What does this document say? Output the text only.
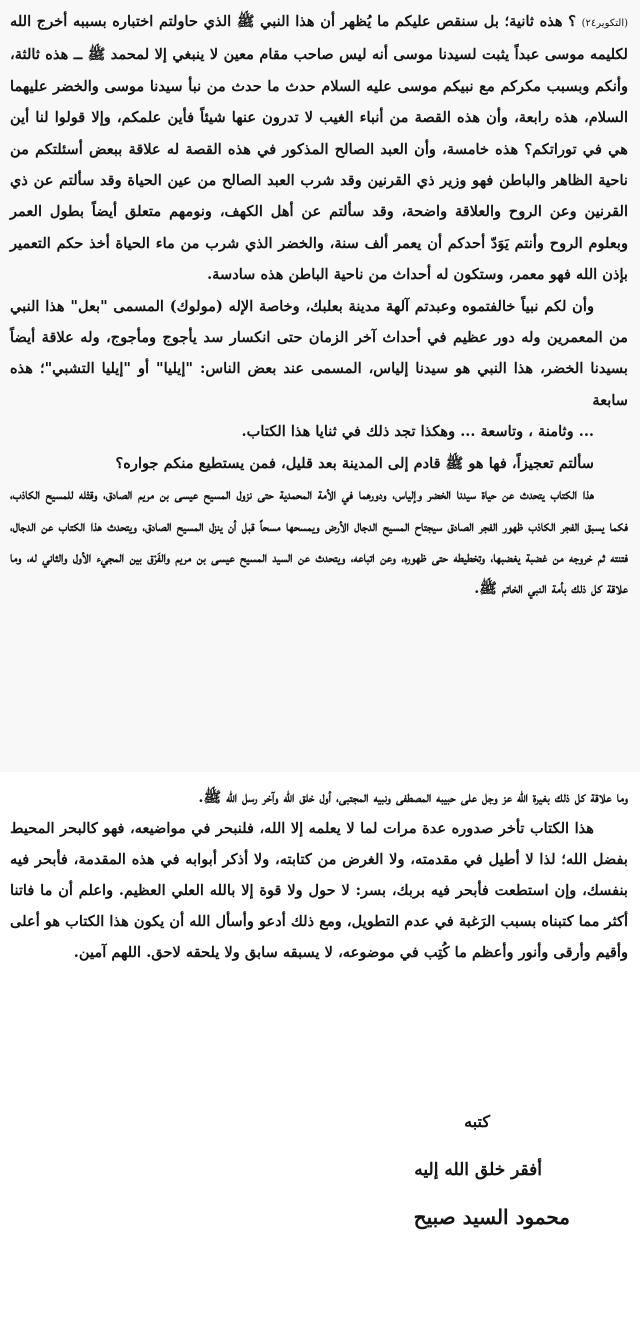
(التكوير٢٤) ؟ هذه ثانية؛ بل سنقص عليكم ما يُظهر أن هذا النبي ﷺ الذي حاولتم اختباره بسببه أخرج الله لكليمه موسى عبداً يثبت لسيدنا موسى أنه ليس صاحب مقام معين لا ينبغي إلا لمحمد ﷺ ــ هذه ثالثة، وأنكم وبسبب مكركم مع نبيكم موسى عليه السلام حدث ما حدث من نبأ سيدنا موسى والخضر عليهما السلام، هذه رابعة، وأن هذه القصة من أنباء الغيب لا تدرون عنها شيئاً فأين علمكم، وإلا قولوا لنا أين هي في توراتكم؟ هذه خامسة، وأن العبد الصالح المذكور في هذه القصة له علاقة ببعض أسئلتكم من ناحية الظاهر والباطن فهو وزير ذي القرنين وقد شرب العبد الصالح من عين الحياة وقد سألتم عن ذي القرنين وعن الروح والعلاقة واضحة، وقد سألتم عن أهل الكهف، ونومهم متعلق أيضاً بطول العمر وبعلوم الروح وأنتم يَوَدّ أحدكم أن يعمر ألف سنة، والخضر الذي شرب من ماء الحياة أخذ حكم التعمير بإذن الله فهو معمر، وستكون له أحداث من ناحية الباطن هذه سادسة.

وأن لكم نبياً خالفتموه وعبدتم آلهة مدينة بعلبك، وخاصة الإله (مولوك) المسمى "بعل" هذا النبي من المعمرين وله دور عظيم في أحداث آخر الزمان حتى انكسار سد يأجوج ومأجوج، وله علاقة أيضاً بسيدنا الخضر، هذا النبي هو سيدنا إلياس، المسمى عند بعض الناس: "إيليا" أو "إيليا التشبي"؛ هذه سابعة

... وثامنة ، وتاسعة ... وهكذا تجد ذلك في ثنايا هذا الكتاب.

سألتم تعجيزاً، فها هو ﷺ قادم إلى المدينة بعد قليل، فمن يستطيع منكم جواره؟

هذا الكتاب يتحدث عن حياة سيدنا الخضر وإلياس، ودورهما في الأمة المحمدية حتى نزول المسيح عيسى بن مريم الصادق، وقتْله للمسيح الكاذب، فكما يسبق الفجر الكاذب ظهور الفجر الصادق سيجتاح المسيح الدجال الأرض ويمسحها مسحاً قبل أن ينزل المسيح الصادق، ويتحدث هذا الكتاب عن الدجال، فتنته ثم خروجه من غضبة يغضبها، وتخطيطه حتى ظهوره، وعن اتباعه، ويتحدث عن السيد المسيح عيسى بن مريم والفَرْق بين المجيء الأول والثاني له، وما علاقة كل ذلك بأمة النبي الخاتم ﷺ.

وما علاقة كل ذلك بغيرة الله عز وجل على حبيبه المصطفى ونبيه المجتبى، أول خلق الله وآخر رسل الله ﷺ.

هذا الكتاب تأخر صدوره عدة مرات لما لا يعلمه إلا الله، فلنبحر في مواضيعه، فهو كالبحر المحيط بفضل الله؛ لذا لا أطيل في مقدمته، ولا الغرض من كتابته، ولا أذكر أبوابه في هذه المقدمة، فأبحر فيه بنفسك، وإن استطعت فأبحر فيه بربك، بسر: لا حول ولا قوة إلا بالله العلي العظيم. واعلم أن ما فاتنا أكثر مما كتبناه بسبب الرَغبة في عدم التطويل، ومع ذلك أدعو وأسأل الله أن يكون هذا الكتاب هو أعلى وأقيم وأرقى وأنور وأعظم ما كُتِب في موضوعه، لا يسبقه سابق ولا يلحقه لاحق. اللهم آمين.

كتبه
أفقر خلق الله إليه
محمود السيد صبيح
